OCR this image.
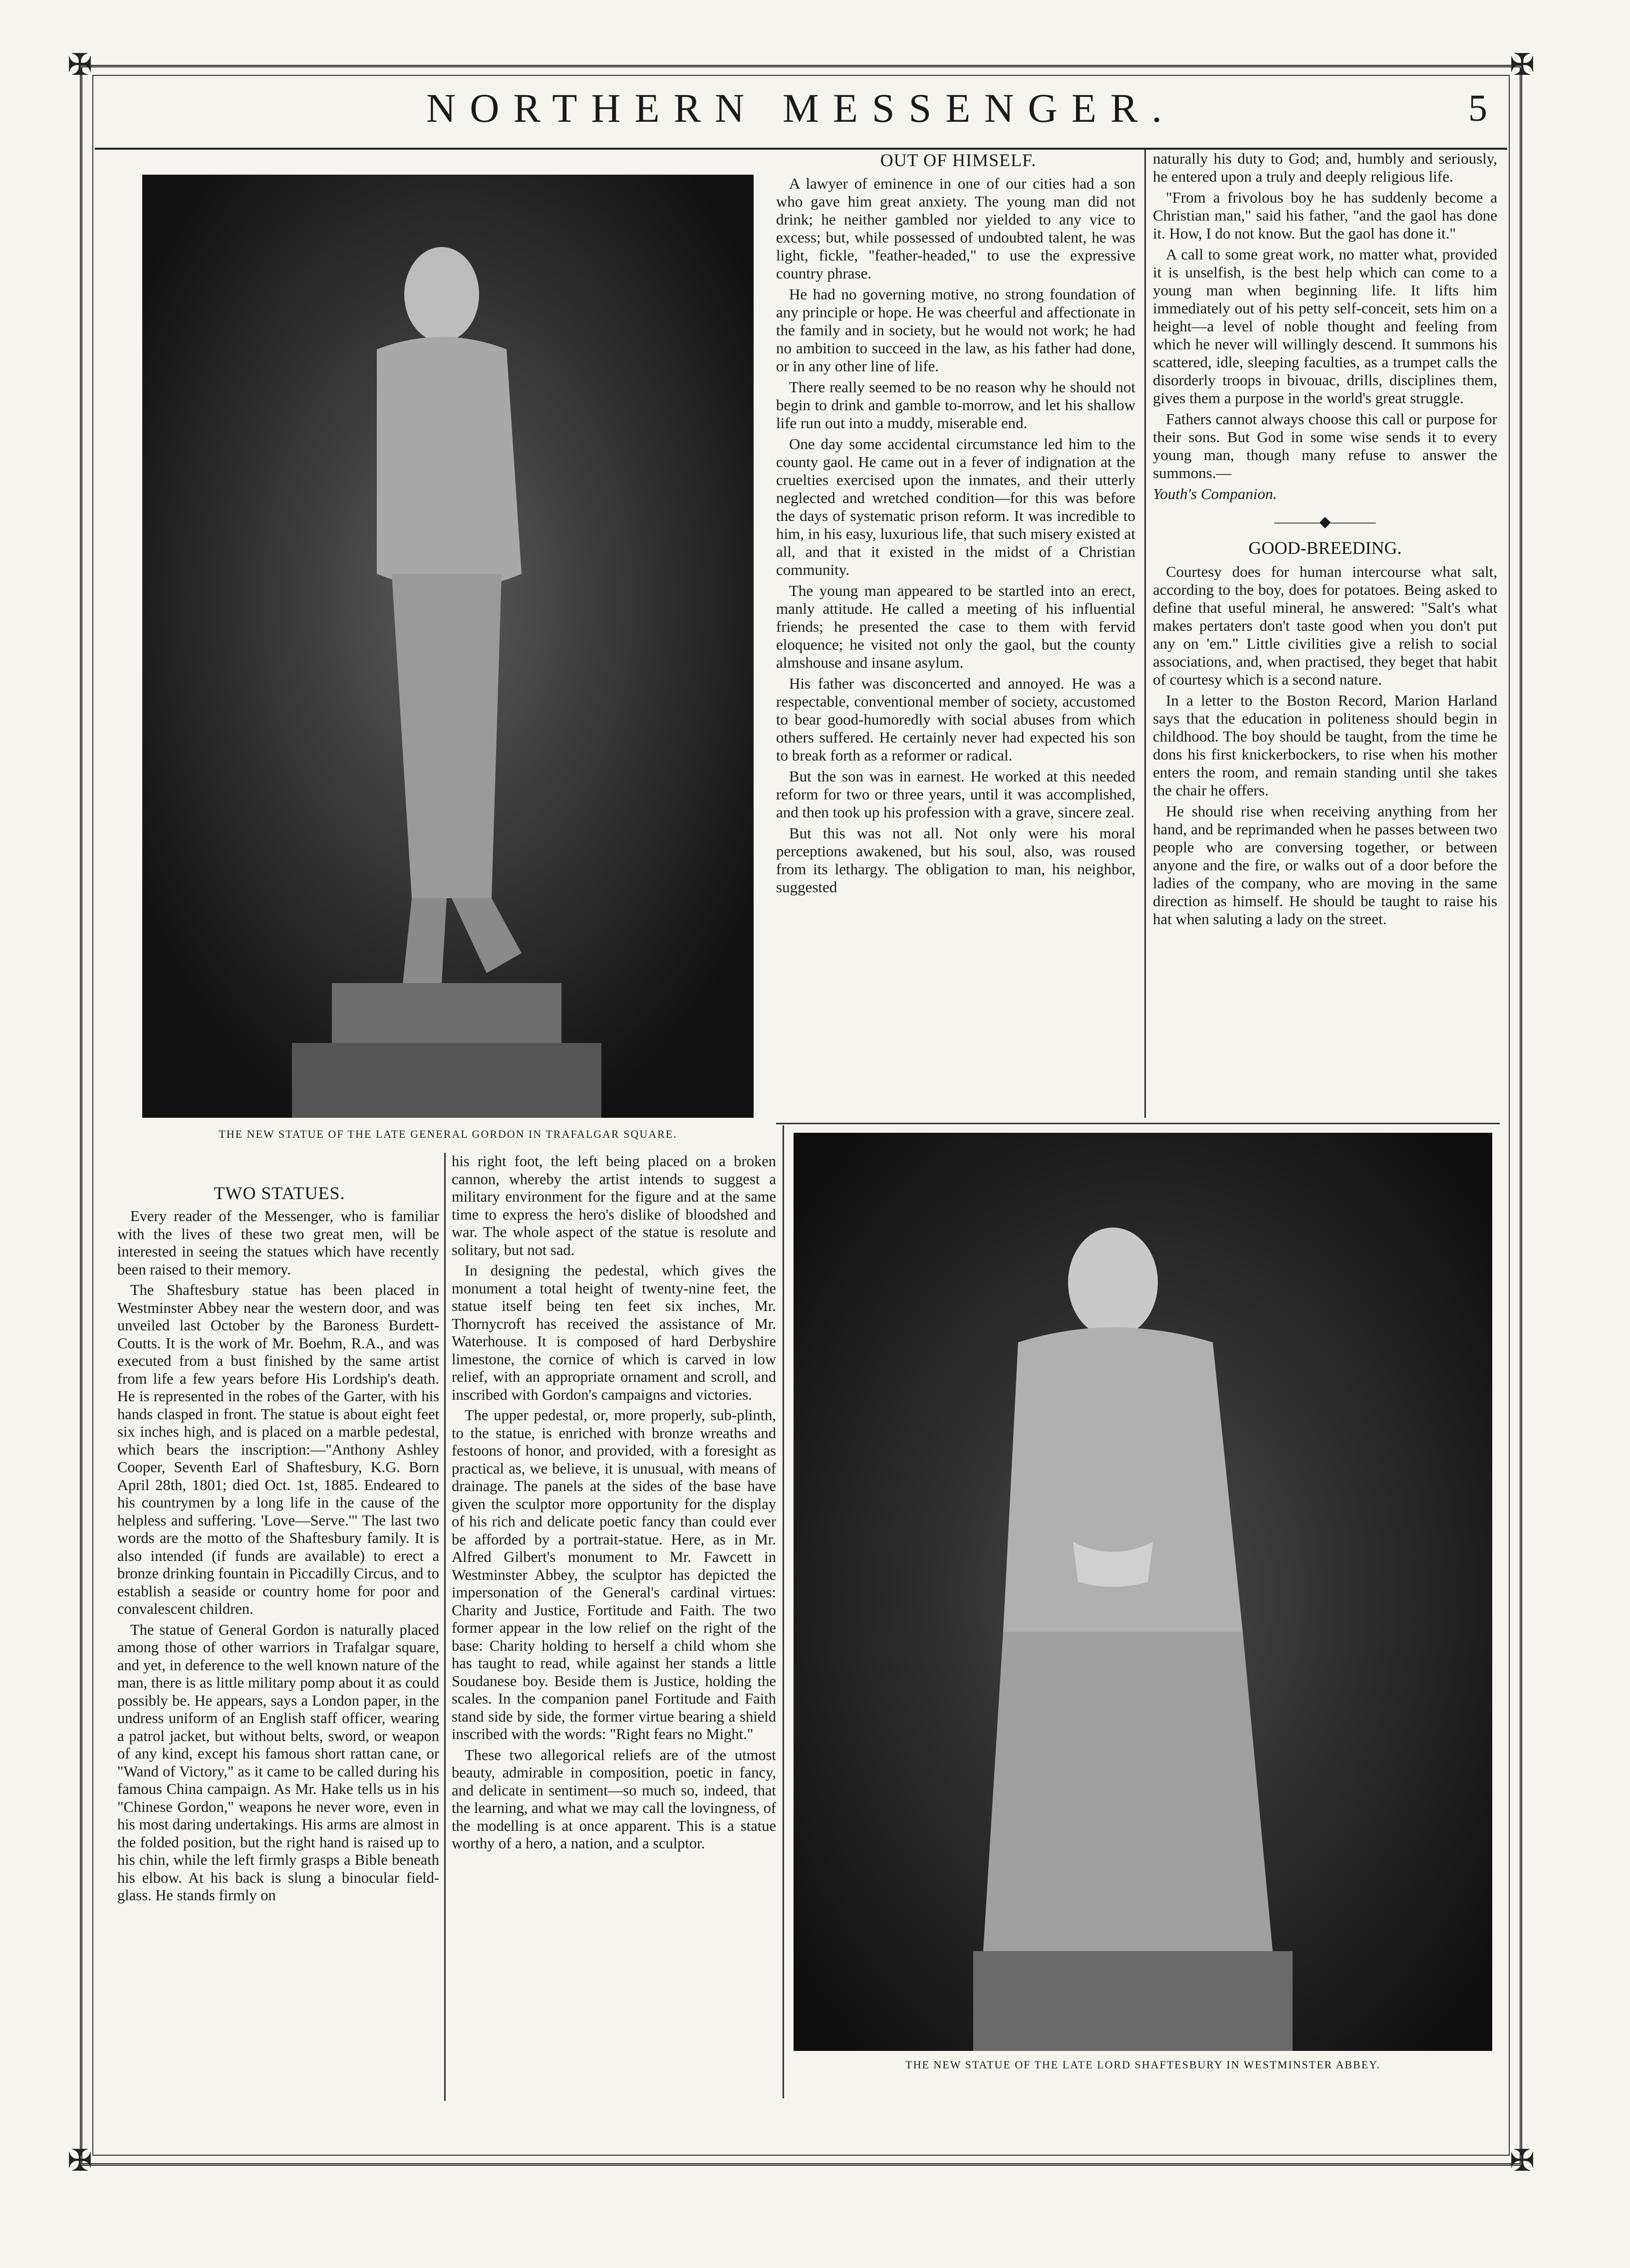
✠	✠
✠	✠
NORTHERN MESSENGER.	5
THE NEW STATUE OF THE LATE GENERAL GORDON IN TRAFALGAR SQUARE.
OUT OF HIMSELF.

A lawyer of eminence in one of our cities had a son who gave him great anxiety. The young man did not drink; he neither gambled nor yielded to any vice to excess; but, while possessed of undoubted talent, he was light, fickle, "feather-headed," to use the expressive country phrase.

He had no governing motive, no strong foundation of any principle or hope. He was cheerful and affectionate in the family and in society, but he would not work; he had no ambition to succeed in the law, as his father had done, or in any other line of life.

There really seemed to be no reason why he should not begin to drink and gamble to-morrow, and let his shallow life run out into a muddy, miserable end.

One day some accidental circumstance led him to the county gaol. He came out in a fever of indignation at the cruelties exercised upon the inmates, and their utterly neglected and wretched condition—for this was before the days of systematic prison reform. It was incredible to him, in his easy, luxurious life, that such misery existed at all, and that it existed in the midst of a Christian community.

The young man appeared to be startled into an erect, manly attitude. He called a meeting of his influential friends; he presented the case to them with fervid eloquence; he visited not only the gaol, but the county almshouse and insane asylum.

His father was disconcerted and annoyed. He was a respectable, conventional member of society, accustomed to bear good-humoredly with social abuses from which others suffered. He certainly never had expected his son to break forth as a reformer or radical.

But the son was in earnest. He worked at this needed reform for two or three years, until it was accomplished, and then took up his profession with a grave, sincere zeal.

But this was not all. Not only were his moral perceptions awakened, but his soul, also, was roused from its lethargy. The obligation to man, his neighbor, suggested

naturally his duty to God; and, humbly and seriously, he entered upon a truly and deeply religious life.

"From a frivolous boy he has suddenly become a Christian man," said his father, "and the gaol has done it. How, I do not know. But the gaol has done it."

A call to some great work, no matter what, provided it is unselfish, is the best help which can come to a young man when beginning life. It lifts him immediately out of his petty self-conceit, sets him on a height—a level of noble thought and feeling from which he never will willingly descend. It summons his scattered, idle, sleeping faculties, as a trumpet calls the disorderly troops in bivouac, drills, disciplines them, gives them a purpose in the world's great struggle.

Fathers cannot always choose this call or purpose for their sons. But God in some wise sends it to every young man, though many refuse to answer the summons.—

Youth's Companion.

———◆———
GOOD-BREEDING.

Courtesy does for human intercourse what salt, according to the boy, does for potatoes. Being asked to define that useful mineral, he answered: "Salt's what makes pertaters don't taste good when you don't put any on 'em." Little civilities give a relish to social associations, and, when practised, they beget that habit of courtesy which is a second nature.

In a letter to the Boston Record, Marion Harland says that the education in politeness should begin in childhood. The boy should be taught, from the time he dons his first knickerbockers, to rise when his mother enters the room, and remain standing until she takes the chair he offers.

He should rise when receiving anything from her hand, and be reprimanded when he passes between two people who are conversing together, or between anyone and the fire, or walks out of a door before the ladies of the company, who are moving in the same direction as himself. He should be taught to raise his hat when saluting a lady on the street.

TWO STATUES.

Every reader of the Messenger, who is familiar with the lives of these two great men, will be interested in seeing the statues which have recently been raised to their memory.

The Shaftesbury statue has been placed in Westminster Abbey near the western door, and was unveiled last October by the Baroness Burdett-Coutts. It is the work of Mr. Boehm, R.A., and was executed from a bust finished by the same artist from life a few years before His Lordship's death. He is represented in the robes of the Garter, with his hands clasped in front. The statue is about eight feet six inches high, and is placed on a marble pedestal, which bears the inscription:—"Anthony Ashley Cooper, Seventh Earl of Shaftesbury, K.G. Born April 28th, 1801; died Oct. 1st, 1885. Endeared to his countrymen by a long life in the cause of the helpless and suffering. 'Love—Serve.'" The last two words are the motto of the Shaftesbury family. It is also intended (if funds are available) to erect a bronze drinking fountain in Piccadilly Circus, and to establish a seaside or country home for poor and convalescent children.

The statue of General Gordon is naturally placed among those of other warriors in Trafalgar square, and yet, in deference to the well known nature of the man, there is as little military pomp about it as could possibly be. He appears, says a London paper, in the undress uniform of an English staff officer, wearing a patrol jacket, but without belts, sword, or weapon of any kind, except his famous short rattan cane, or "Wand of Victory," as it came to be called during his famous China campaign. As Mr. Hake tells us in his "Chinese Gordon," weapons he never wore, even in his most daring undertakings. His arms are almost in the folded position, but the right hand is raised up to his chin, while the left firmly grasps a Bible beneath his elbow. At his back is slung a binocular field-glass. He stands firmly on

his right foot, the left being placed on a broken cannon, whereby the artist intends to suggest a military environment for the figure and at the same time to express the hero's dislike of bloodshed and war. The whole aspect of the statue is resolute and solitary, but not sad.

In designing the pedestal, which gives the monument a total height of twenty-nine feet, the statue itself being ten feet six inches, Mr. Thornycroft has received the assistance of Mr. Waterhouse. It is composed of hard Derbyshire limestone, the cornice of which is carved in low relief, with an appropriate ornament and scroll, and inscribed with Gordon's campaigns and victories.

The upper pedestal, or, more properly, sub-plinth, to the statue, is enriched with bronze wreaths and festoons of honor, and provided, with a foresight as practical as, we believe, it is unusual, with means of drainage. The panels at the sides of the base have given the sculptor more opportunity for the display of his rich and delicate poetic fancy than could ever be afforded by a portrait-statue. Here, as in Mr. Alfred Gilbert's monument to Mr. Fawcett in Westminster Abbey, the sculptor has depicted the impersonation of the General's cardinal virtues: Charity and Justice, Fortitude and Faith. The two former appear in the low relief on the right of the base: Charity holding to herself a child whom she has taught to read, while against her stands a little Soudanese boy. Beside them is Justice, holding the scales. In the companion panel Fortitude and Faith stand side by side, the former virtue bearing a shield inscribed with the words: "Right fears no Might."

These two allegorical reliefs are of the utmost beauty, admirable in composition, poetic in fancy, and delicate in sentiment—so much so, indeed, that the learning, and what we may call the lovingness, of the modelling is at once apparent. This is a statue worthy of a hero, a nation, and a sculptor.

THE NEW STATUE OF THE LATE LORD SHAFTESBURY IN WESTMINSTER ABBEY.
